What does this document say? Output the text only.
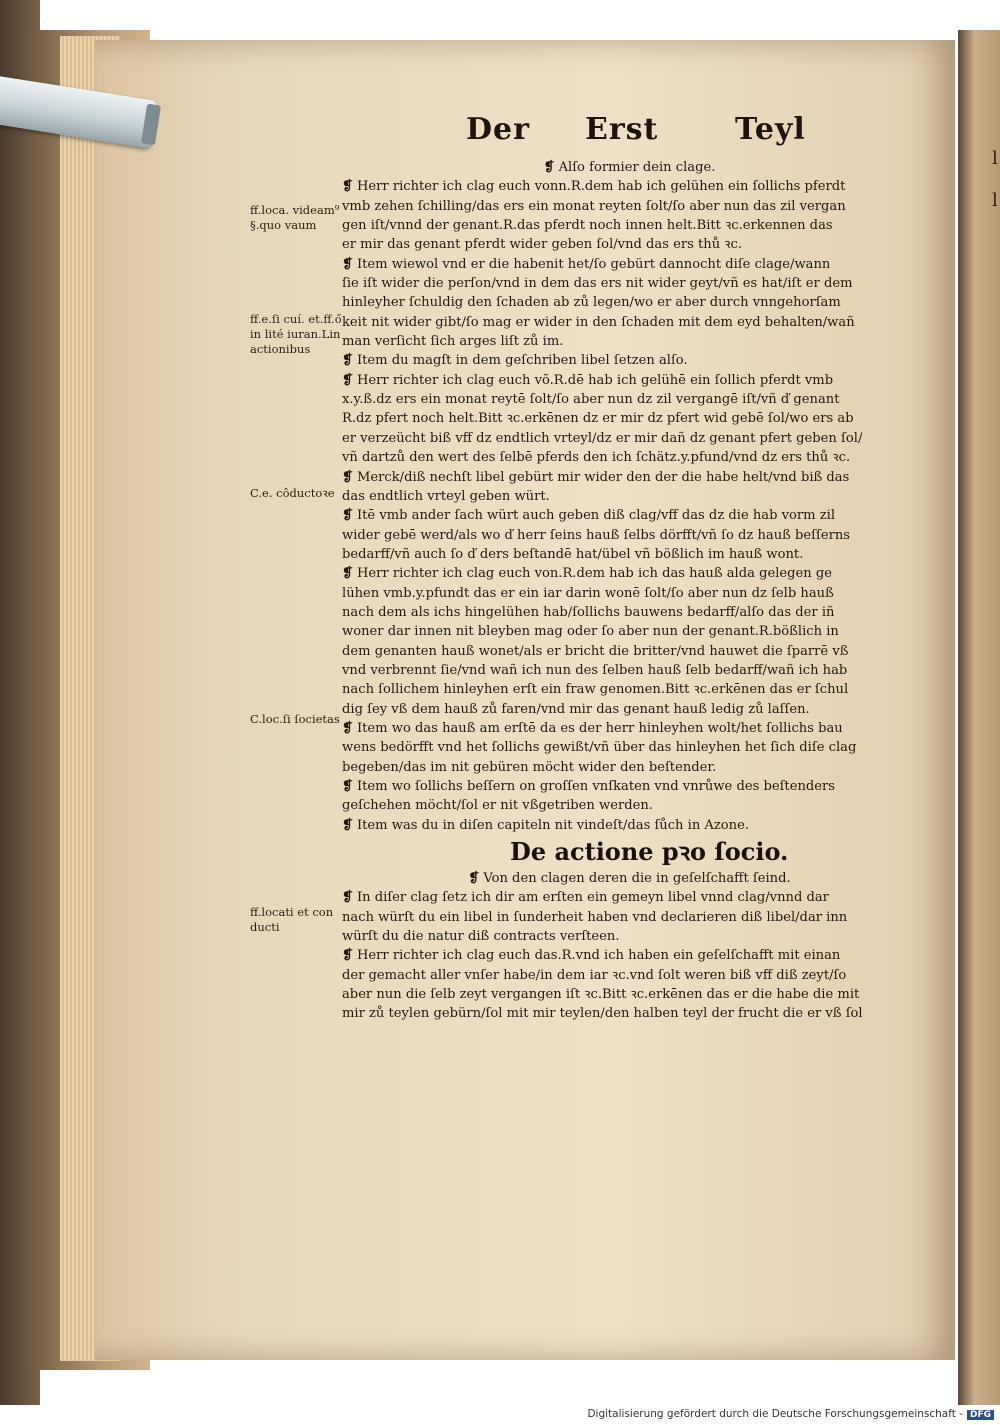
l
l
Der Erst	Teyl
ff.loca. videam⁹
§.quo vaum
ff.e.ſi cuí. et.ff.ő
in lité iuran.Lin
actionibus
C.e. côductoꝛe
C.loc.ſi ſocietas
ff.locati et con
ducti
❡ Alſo formier dein clage.
❡ Herr richter ich clag euch vonn.R.dem hab ich gelühen ein ſollichs pferdt
vmb zehen ſchilling/das ers ein monat reyten ſolt/ſo aber nun das zil vergan
gen iſt/vnnd der genant.R.das pferdt noch innen helt.Bitt ꝛc.erkennen das
er mir das genant pferdt wider geben ſol/vnd das ers thů ꝛc.
❡ Item wiewol vnd er die habenit het/ſo gebürt dannocht diſe clage/wann
ſie iſt wider die perſon/vnd in dem das ers nit wider geyt/vñ es hat/iſt er dem
hinleyher ſchuldig den ſchaden ab zů legen/wo er aber durch vnngehorſam
keit nit wider gibt/ſo mag er wider in den ſchaden mit dem eyd behalten/wañ
man verſicht ſich arges liſt zů im.
❡ Item du magſt in dem geſchriben libel ſetzen alſo.
❡ Herr richter ich clag euch võ.R.dē hab ich gelühē ein ſollich pferdt vmb
x.y.ß.dz ers ein monat reytē ſolt/ſo aber nun dz zil vergangē iſt/vñ ď genant
R.dz pfert noch helt.Bitt ꝛc.erkēnen dz er mir dz pfert wid gebē ſol/wo ers ab
er verzeücht biß vff dz endtlich vrteyl/dz er mir dañ dz genant pfert geben ſol/
vñ dartzů den wert des ſelbē pferds den ich ſchätz.y.pfund/vnd dz ers thů ꝛc.
❡ Merck/diß nechſt libel gebürt mir wider den der die habe helt/vnd biß das
das endtlich vrteyl geben würt.
❡ Itē vmb ander ſach würt auch geben diß clag/vff das dz die hab vorm zil
wider gebē werd/als wo ď herr ſeins hauß ſelbs dörfft/vñ ſo dz hauß beſſerns
bedarff/vñ auch ſo ď ders beſtandē hat/übel vñ bößlich im hauß wont.
❡ Herr richter ich clag euch von.R.dem hab ich das hauß alda gelegen ge
lühen vmb.y.pfundt das er ein iar darin wonē ſolt/ſo aber nun dz ſelb hauß
nach dem als ichs hingelühen hab/ſollichs bauwens bedarff/alſo das der iñ
woner dar innen nit bleyben mag oder ſo aber nun der genant.R.bößlich in
dem genanten hauß wonet/als er bricht die britter/vnd hauwet die ſparrē vß
vnd verbrennt ſie/vnd wañ ich nun des ſelben hauß ſelb bedarff/wañ ich hab
nach ſollichem hinleyhen erſt ein fraw genomen.Bitt ꝛc.erkēnen das er ſchul
dig ſey vß dem hauß zů faren/vnd mir das genant hauß ledig zů laſſen.
❡ Item wo das hauß am erſtē da es der herr hinleyhen wolt/het ſollichs bau
wens bedörfft vnd het ſollichs gewißt/vñ über das hinleyhen het ſich diſe clag
begeben/das im nit gebüren möcht wider den beſtender.
❡ Item wo ſollichs beſſern on groſſen vnſkaten vnd vnrůwe des beſtenders
geſchehen möcht/ſol er nit vßgetriben werden.
❡ Item was du in diſen capiteln nit vindeſt/das ſůch in Azone.
De actione pꝛo ſocio.
❡ Von den clagen deren die in geſelſchafft ſeind.
❡ In diſer clag ſetz ich dir am erſten ein gemeyn libel vnnd clag/vnnd dar
nach würſt du ein libel in ſunderheit haben vnd declarieren diß libel/dar inn
würſt du die natur diß contracts verſteen.
❡ Herr richter ich clag euch das.R.vnd ich haben ein geſelſchafft mit einan
der gemacht aller vnſer habe/in dem iar ꝛc.vnd ſolt weren biß vff diß zeyt/ſo
aber nun die ſelb zeyt vergangen iſt ꝛc.Bitt ꝛc.erkēnen das er die habe die mit
mir zů teylen gebürn/ſol mit mir teylen/den halben teyl der frucht die er vß ſol
Digitalisierung gefördert durch die Deutsche Forschungsgemeinschaft - DFG
